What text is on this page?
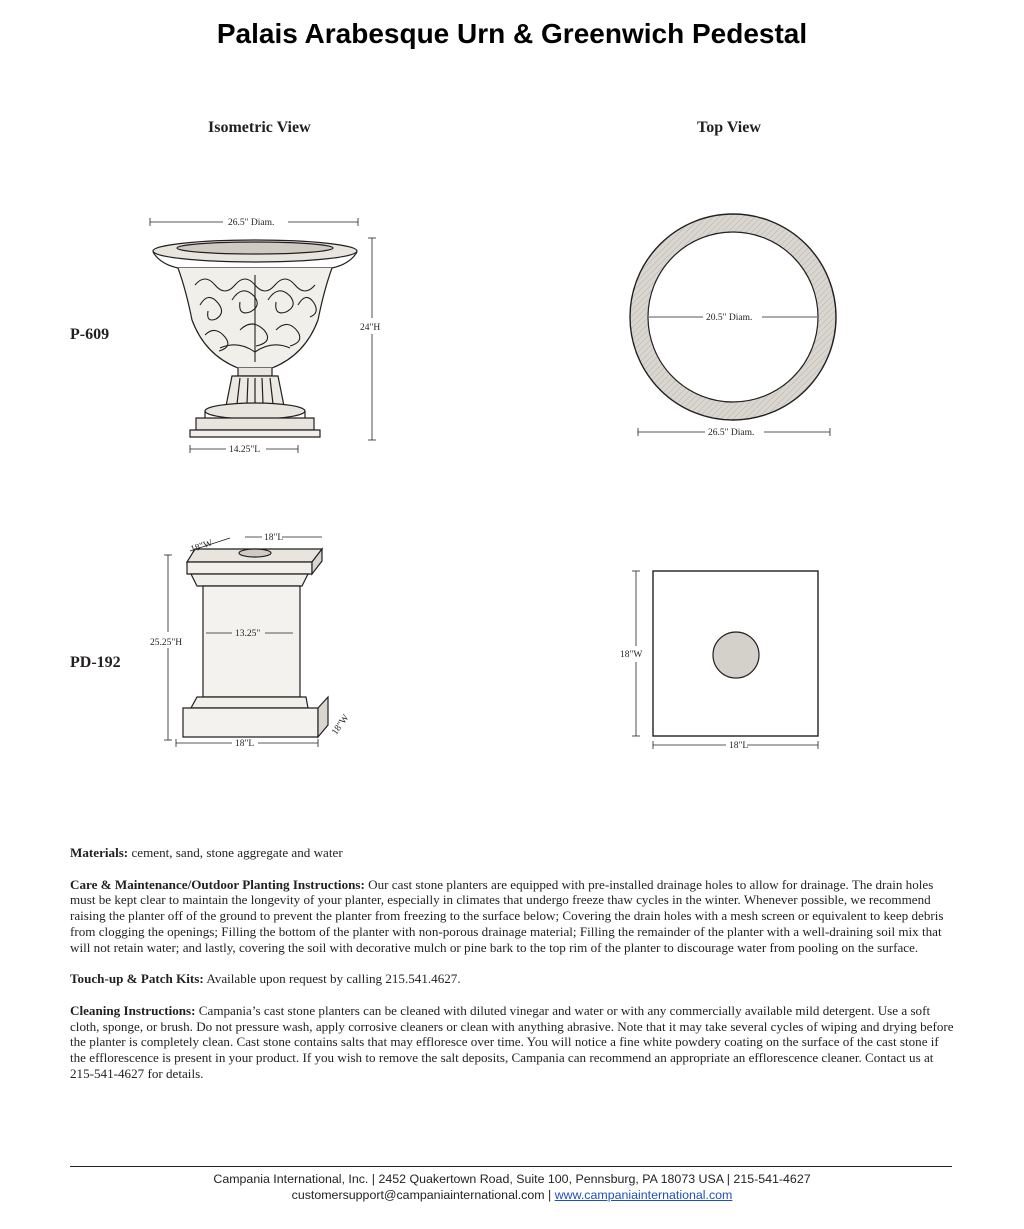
Palais Arabesque Urn & Greenwich Pedestal
Isometric View	Top View
P-609
PD-192
26.5" Diam.
24"H
14.25"L
20.5" Diam.
26.5" Diam.
18"W
18"L
25.25"H
13.25"
18"L
18"W
18"W
18"L

Materials: cement, sand, stone aggregate and water

Care & Maintenance/Outdoor Planting Instructions: Our cast stone planters are equipped with pre-installed drainage holes to allow for drainage. The drain holes must be kept clear to maintain the longevity of your planter, especially in climates that undergo freeze thaw cycles in the winter. Whenever possible, we recommend raising the planter off of the ground to prevent the planter from freezing to the surface below; Covering the drain holes with a mesh screen or equivalent to keep debris from clogging the openings; Filling the bottom of the planter with non-porous drainage material; Filling the remainder of the planter with a well-draining soil mix that will not retain water; and lastly, covering the soil with decorative mulch or pine bark to the top rim of the planter to discourage water from pooling on the surface.

Touch-up & Patch Kits: Available upon request by calling 215.541.4627.

Cleaning Instructions: Campania’s cast stone planters can be cleaned with diluted vinegar and water or with any commercially available mild detergent. Use a soft cloth, sponge, or brush. Do not pressure wash, apply corrosive cleaners or clean with anything abrasive. Note that it may take several cycles of wiping and drying before the planter is completely clean. Cast stone contains salts that may effloresce over time. You will notice a fine white powdery coating on the surface of the cast stone if the efflorescence is present in your product. If you wish to remove the salt deposits, Campania can recommend an appropriate an efflorescence cleaner. Contact us at 215-541-4627 for details.

Campania International, Inc. | 2452 Quakertown Road, Suite 100, Pennsburg, PA 18073 USA | 215-541-4627
customersupport@campaniainternational.com | www.campaniainternational.com
